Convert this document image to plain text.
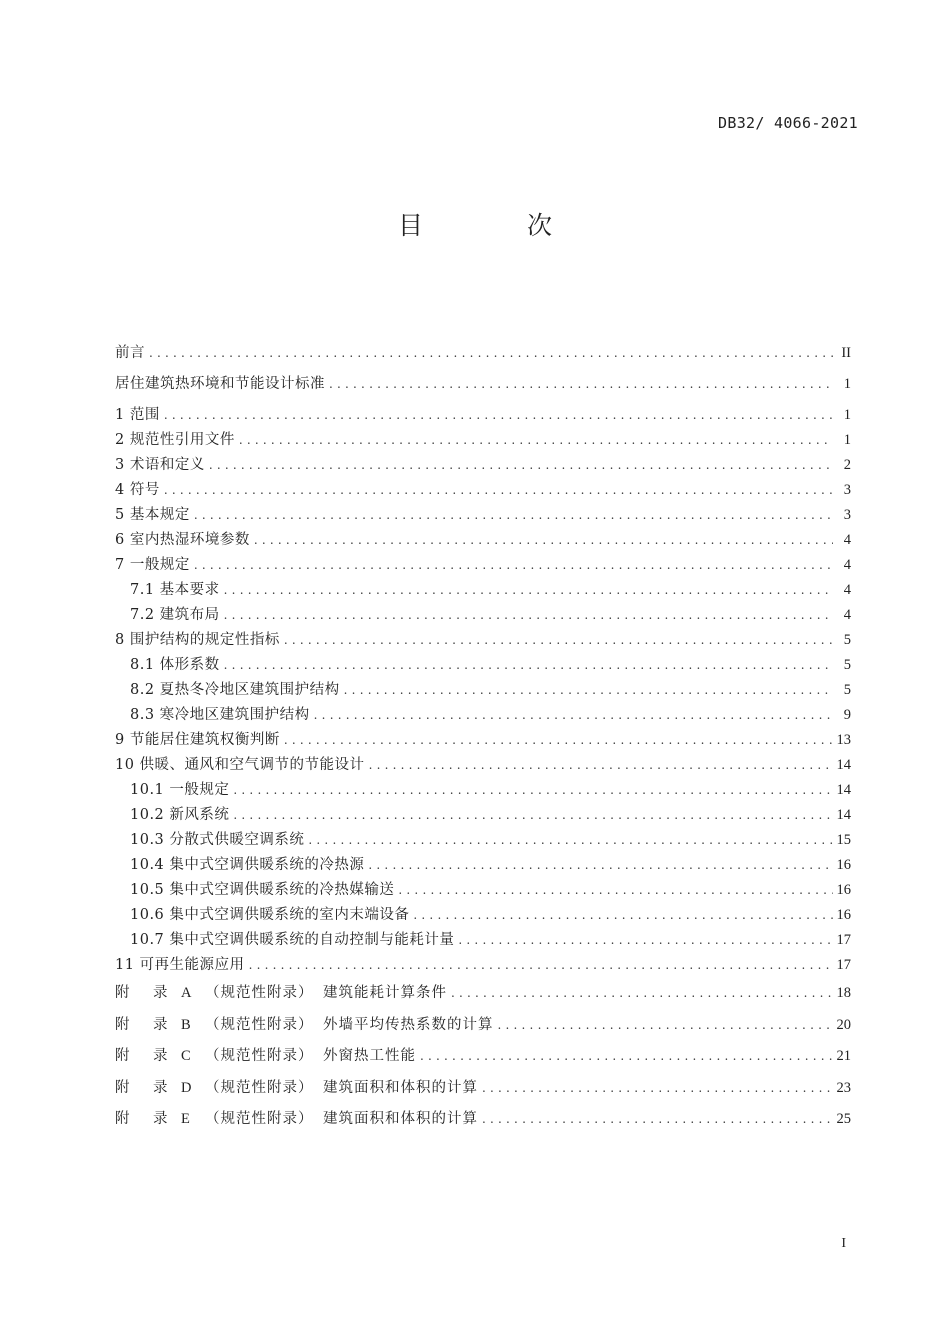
DB32/ 4066-2021
目 次
前言 .....	II
居住建筑热环境和节能设计标准 .....	1
1 范围 .....	1
2 规范性引用文件 .....	1
3 术语和定义 .....	2
4 符号 .....	3
5 基本规定 .....	3
6 室内热湿环境参数 .....	4
7 一般规定 .....	4
7.1 基本要求 .....	4
7.2 建筑布局 .....	4
8 围护结构的规定性指标 .....	5
8.1 体形系数 .....	5
8.2 夏热冬冷地区建筑围护结构 .....	5
8.3 寒冷地区建筑围护结构 .....	9
9 节能居住建筑权衡判断 .....	13
10 供暖、通风和空气调节的节能设计 .....	14
10.1 一般规定 .....	14
10.2 新风系统 .....	14
10.3 分散式供暖空调系统 .....	15
10.4 集中式空调供暖系统的冷热源 .....	16
10.5 集中式空调供暖系统的冷热媒输送 .....	16
10.6 集中式空调供暖系统的室内末端设备 .....	16
10.7 集中式空调供暖系统的自动控制与能耗计量 .....	17
11 可再生能源应用 .....	17
附	录 A （规范性附录） 建筑能耗计算条件 .....	18
附	录 B （规范性附录） 外墙平均传热系数的计算 .....	20
附	录 C （规范性附录） 外窗热工性能 .....	21
附	录 D （规范性附录） 建筑面积和体积的计算 .....	23
附	录 E	（规范性附录） 建筑面积和体积的计算 .....	25
I
